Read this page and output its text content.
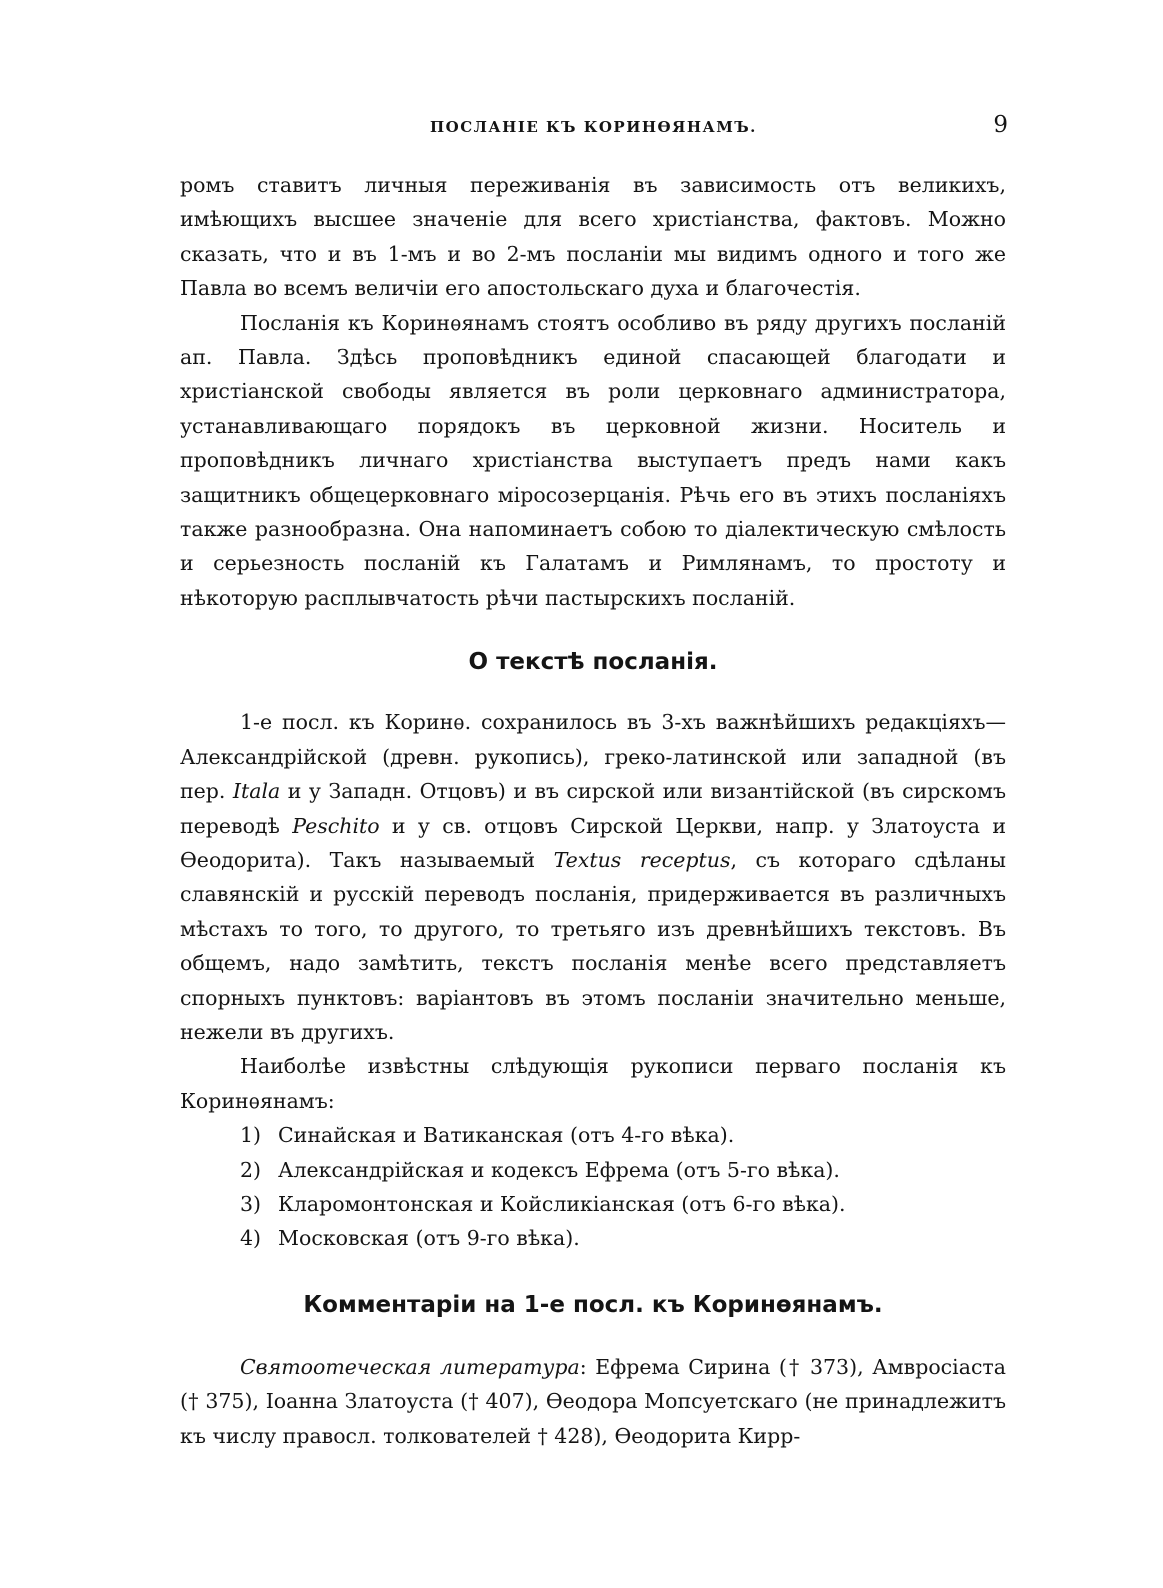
ПОСЛАНІЕ КЪ КОРИНѲЯНАМЪ.	9

ромъ ставитъ личныя переживанія въ зависимость отъ великихъ, имѣющихъ высшее значеніе для всего христіанства, фактовъ. Можно сказать, что и въ 1-мъ и во 2-мъ посланіи мы видимъ одного и того же Павла во всемъ величіи его апостольскаго духа и благочестія.

Посланія къ Коринѳянамъ стоятъ особливо въ ряду другихъ посланій ап. Павла. Здѣсь проповѣдникъ единой спасающей благодати и христіанской свободы является въ роли церковнаго администратора, устанавливающаго порядокъ въ церковной жизни. Носитель и проповѣдникъ личнаго христіанства выступаетъ предъ нами какъ защитникъ общецерковнаго міросозерцанія. Рѣчь его въ этихъ посланіяхъ также разнообразна. Она напоминаетъ собою то діалектическую смѣлость и серьезность посланій къ Галатамъ и Римлянамъ, то простоту и нѣкоторую расплывчатость рѣчи пастырскихъ посланій.

О текстѣ посланія.

1-е посл. къ Коринѳ. сохранилось въ 3-хъ важнѣйшихъ редакціяхъ—Александрійской (древн. рукопись), греко-латинской или западной (въ пер. Itala и у Западн. Отцовъ) и въ сирской или византійской (въ сирскомъ переводѣ Peschito и у св. отцовъ Сирской Церкви, напр. у Златоуста и Ѳеодорита). Такъ называемый Textus receptus, съ котораго сдѣланы славянскій и русскій переводъ посланія, придерживается въ различныхъ мѣстахъ то того, то другого, то третьяго изъ древнѣйшихъ текстовъ. Въ общемъ, надо замѣтить, текстъ посланія менѣе всего представляетъ спорныхъ пунктовъ: варіантовъ въ этомъ посланіи значительно меньше, нежели въ другихъ.

Наиболѣе извѣстны слѣдующія рукописи перваго посланія къ Коринѳянамъ:

1) Синайская и Ватиканская (отъ 4-го вѣка).
2) Александрійская и кодексъ Ефрема (отъ 5-го вѣка).
3) Кларомонтонская и Койсликіанская (отъ 6-го вѣка).
4) Московская (отъ 9-го вѣка).
Комментаріи на 1-е посл. къ Коринѳянамъ.

Святоотеческая литература: Ефрема Сирина († 373), Амвросіаста († 375), Іоанна Златоуста († 407), Ѳеодора Мопсуетскаго (не принадлежитъ къ числу правосл. толкователей † 428), Ѳеодорита Кирр-
